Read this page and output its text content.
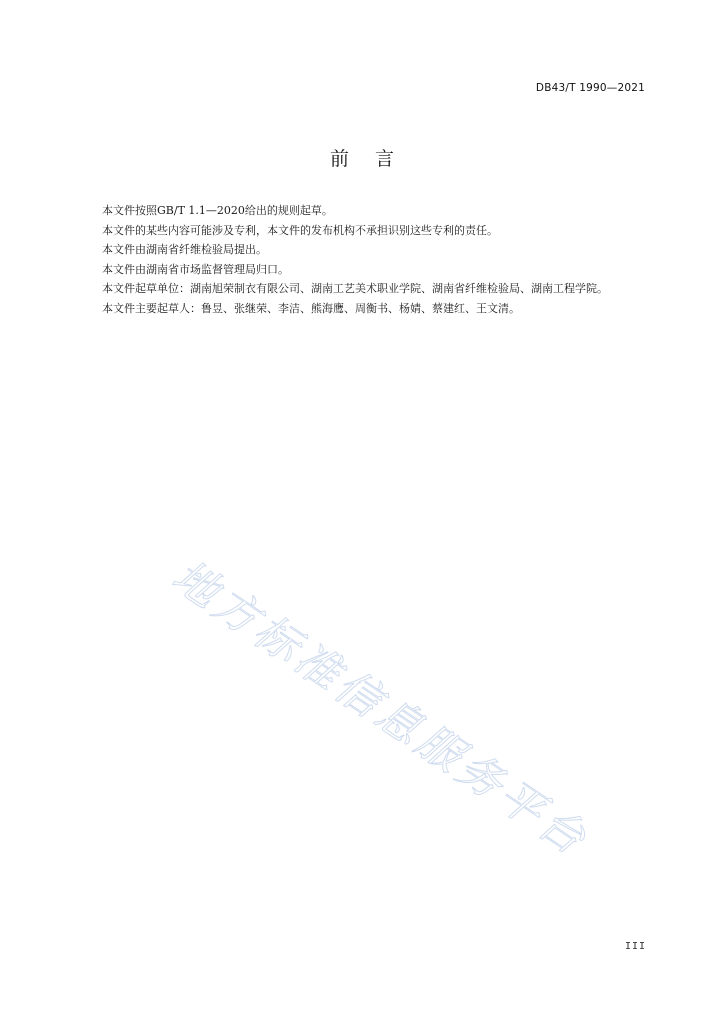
DB43/T 1990—2021
前 言

本文件按照GB/T 1.1—2020给出的规则起草。

本文件的某些内容可能涉及专利，本文件的发布机构不承担识别这些专利的责任。

本文件由湖南省纤维检验局提出。

本文件由湖南省市场监督管理局归口。

本文件起草单位：湖南旭荣制衣有限公司、湖南工艺美术职业学院、湖南省纤维检验局、湖南工程学院。

本文件主要起草人：鲁昱、张继荣、李洁、熊海鹰、周衡书、杨婧、蔡建红、王文清。

地方标准信息服务平台
III
